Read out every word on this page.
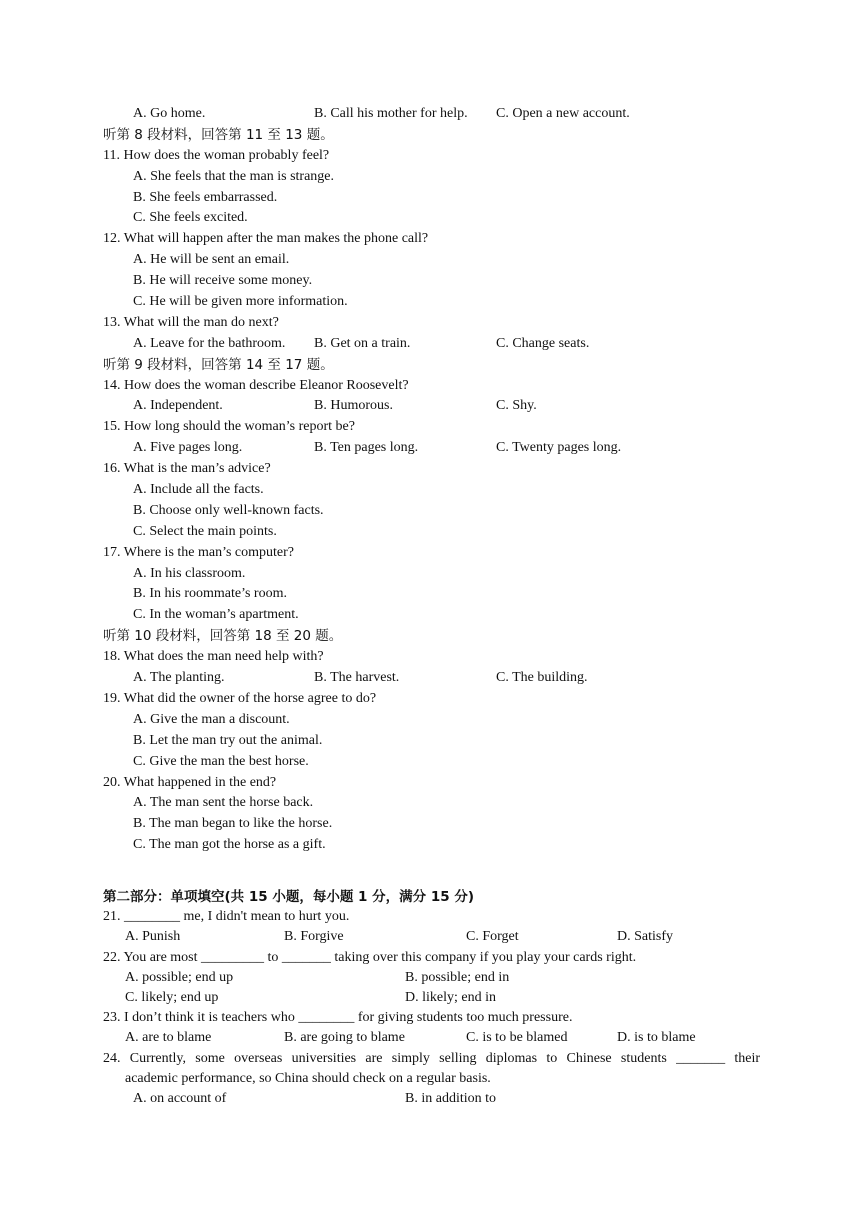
A. Go home.	B. Call his mother for help. C. Open a new account.
听第 8 段材料，回答第 11 至 13 题。
11. How does the woman probably feel?
A. She feels that the man is strange.
B. She feels embarrassed.
C. She feels excited.
12. What will happen after the man makes the phone call?
A. He will be sent an email.
B. He will receive some money.
C. He will be given more information.
13. What will the man do next?
A. Leave for the bathroom. B. Get on a train.	C. Change seats.
听第 9 段材料，回答第 14 至 17 题。
14. How does the woman describe Eleanor Roosevelt?
A. Independent.	B. Humorous.	C. Shy.
15. How long should the woman’s report be?
A. Five pages long.	B. Ten pages long.	C. Twenty pages long.
16. What is the man’s advice?
A. Include all the facts.
B. Choose only well-known facts.
C. Select the main points.
17. Where is the man’s computer?
A. In his classroom.
B. In his roommate’s room.
C. In the woman’s apartment.
听第 10 段材料，回答第 18 至 20 题。
18. What does the man need help with?
A. The planting.	B. The harvest.	C. The building.
19. What did the owner of the horse agree to do?
A. Give the man a discount.
B. Let the man try out the animal.
C. Give the man the best horse.
20. What happened in the end?
A. The man sent the horse back.
B. The man began to like the horse.
C. The man got the horse as a gift.
第二部分：单项填空(共 15 小题，每小题 1 分，满分 15 分)
21. ________ me, I didn't mean to hurt you.
A. Punish	B. Forgive	C. Forget	D. Satisfy
22. You are most _________ to _______ taking over this company if you play your cards right.
A. possible; end up	B. possible; end in
C. likely; end up	D. likely; end in
23. I don’t think it is teachers who ________ for giving students too much pressure.
A. are to blame	B. are going to blame	C. is to be blamed	D. is to blame
24. Currently, some overseas universities are simply selling diplomas to Chinese students _______ their
academic performance, so China should check on a regular basis.
A. on account of	B. in addition to
